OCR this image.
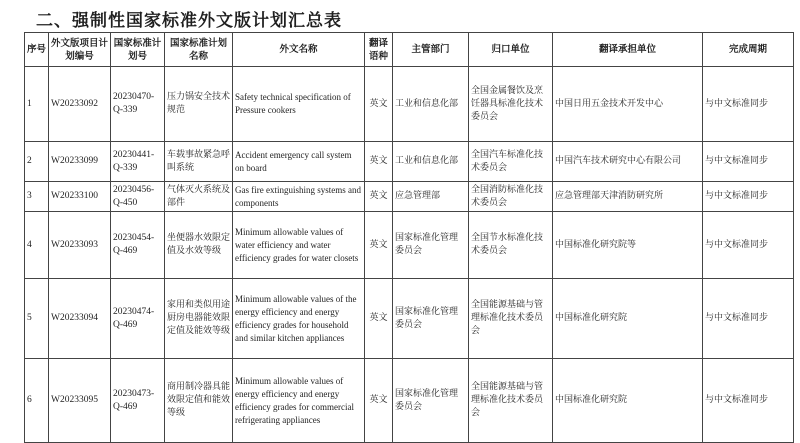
二、强制性国家标准外文版计划汇总表
序号	外文版项目计划编号	国家标准计划号	国家标准计划名称	外文名称	翻译语种	主管部门	归口单位	翻译承担单位	完成周期
1	W20233092	20230470-Q-339	压力锅安全技术规范	Safety technical specification of Pressure cookers	英文	工业和信息化部	全国金属餐饮及烹饪器具标准化技术委员会	中国日用五金技术开发中心	与中文标准同步
2	W20233099	20230441-Q-339	车载事故紧急呼叫系统	Accident emergency call system on board	英文	工业和信息化部	全国汽车标准化技术委员会	中国汽车技术研究中心有限公司	与中文标准同步
3	W20233100	20230456-Q-450	气体灭火系统及部件	Gas fire extinguishing systems and components	英文	应急管理部	全国消防标准化技术委员会	应急管理部天津消防研究所	与中文标准同步
4	W20233093	20230454-Q-469	坐便器水效限定值及水效等级	Minimum allowable values of water efficiency and water efficiency grades for water closets	英文	国家标准化管理委员会	全国节水标准化技术委员会	中国标准化研究院等	与中文标准同步
5	W20233094	20230474-Q-469	家用和类似用途厨房电器能效限定值及能效等级	Minimum allowable values of the energy efficiency and energy efficiency grades for household and similar kitchen appliances	英文	国家标准化管理委员会	全国能源基础与管理标准化技术委员会	中国标准化研究院	与中文标准同步
6	W20233095	20230473-Q-469	商用制冷器具能效限定值和能效等级	Minimum allowable values of energy efficiency and energy efficiency grades for commercial refrigerating appliances	英文	国家标准化管理委员会	全国能源基础与管理标准化技术委员会	中国标准化研究院	与中文标准同步
